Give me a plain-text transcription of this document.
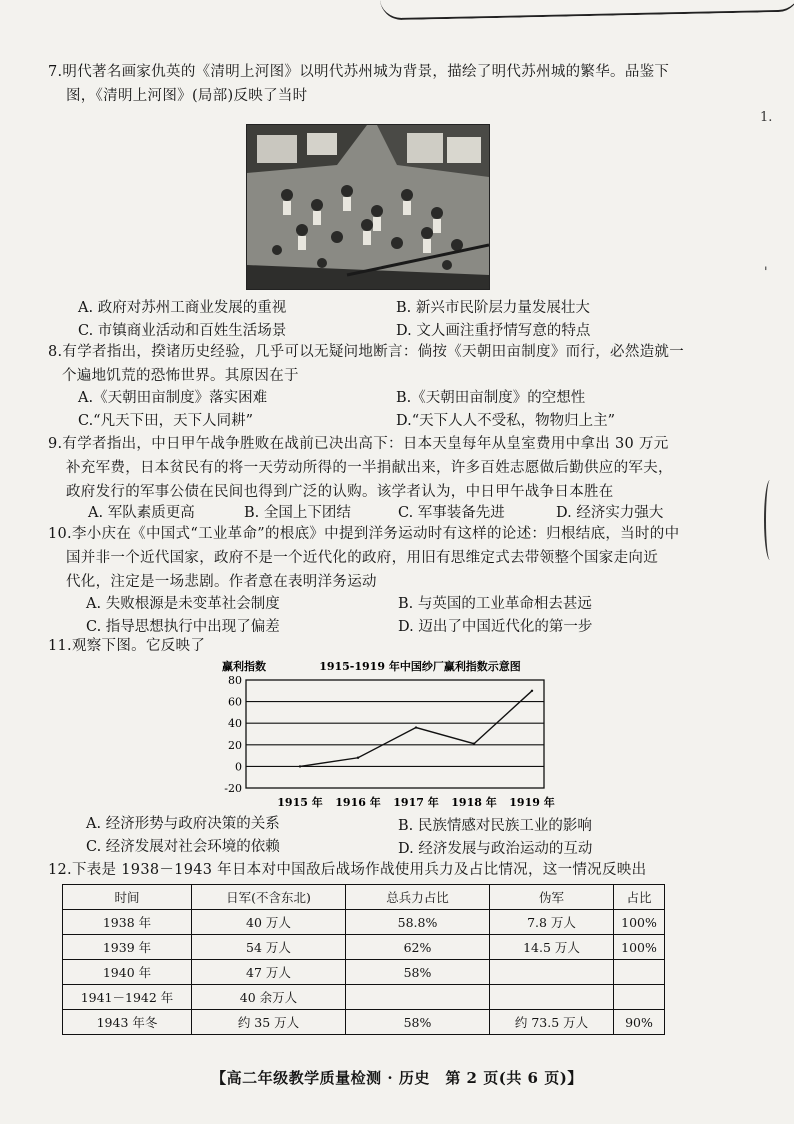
1.
'
7.明代著名画家仇英的《清明上河图》以明代苏州城为背景，描绘了明代苏州城的繁华。品鉴下
图，《清明上河图》(局部)反映了当时
A. 政府对苏州工商业发展的重视	B. 新兴市民阶层力量发展壮大
C. 市镇商业活动和百姓生活场景	D. 文人画注重抒情写意的特点
8.有学者指出，揆诸历史经验，几乎可以无疑问地断言：倘按《天朝田亩制度》而行，必然造就一
个遍地饥荒的恐怖世界。其原因在于
A.《天朝田亩制度》落实困难	B.《天朝田亩制度》的空想性
C.“凡天下田，天下人同耕”	D.“天下人人不受私，物物归上主”
9.有学者指出，中日甲午战争胜败在战前已决出高下：日本天皇每年从皇室费用中拿出 30 万元
补充军费，日本贫民有的将一天劳动所得的一半捐献出来，许多百姓志愿做后勤供应的军夫，
政府发行的军事公债在民间也得到广泛的认购。该学者认为，中日甲午战争日本胜在
A. 军队素质更高	B. 全国上下团结	C. 军事装备先进	D. 经济实力强大
10.李小庆在《中国式“工业革命”的根底》中提到洋务运动时有这样的论述：归根结底，当时的中
国并非一个近代国家，政府不是一个近代化的政府，用旧有思维定式去带领整个国家走向近
代化，注定是一场悲剧。作者意在表明洋务运动
A. 失败根源是未变革社会制度	B. 与英国的工业革命相去甚远
C. 指导思想执行中出现了偏差	D. 迈出了中国近代化的第一步
11.观察下图。它反映了
赢利指数	1915-1919 年中国纱厂赢利指数示意图
80
60
40
20
0
-20
1915 年 1916 年 1917 年 1918 年 1919 年
A. 经济形势与政府决策的关系	B. 民族情感对民族工业的影响
C. 经济发展对社会环境的依赖	D. 经济发展与政治运动的互动
12.下表是 1938－1943 年日本对中国敌后战场作战使用兵力及占比情况，这一情况反映出
时间	日军(不含东北)	总兵力占比	伪军	占比
1938 年	40 万人	58.8%	7.8 万人	100%
1939 年	54 万人	62%	14.5 万人	100%
1940 年	47 万人	58%		
1941－1942 年	40 余万人			
1943 年冬	约 35 万人	58%	约 73.5 万人	90%
【高二年级教学质量检测 · 历史　第 2 页(共 6 页)】
